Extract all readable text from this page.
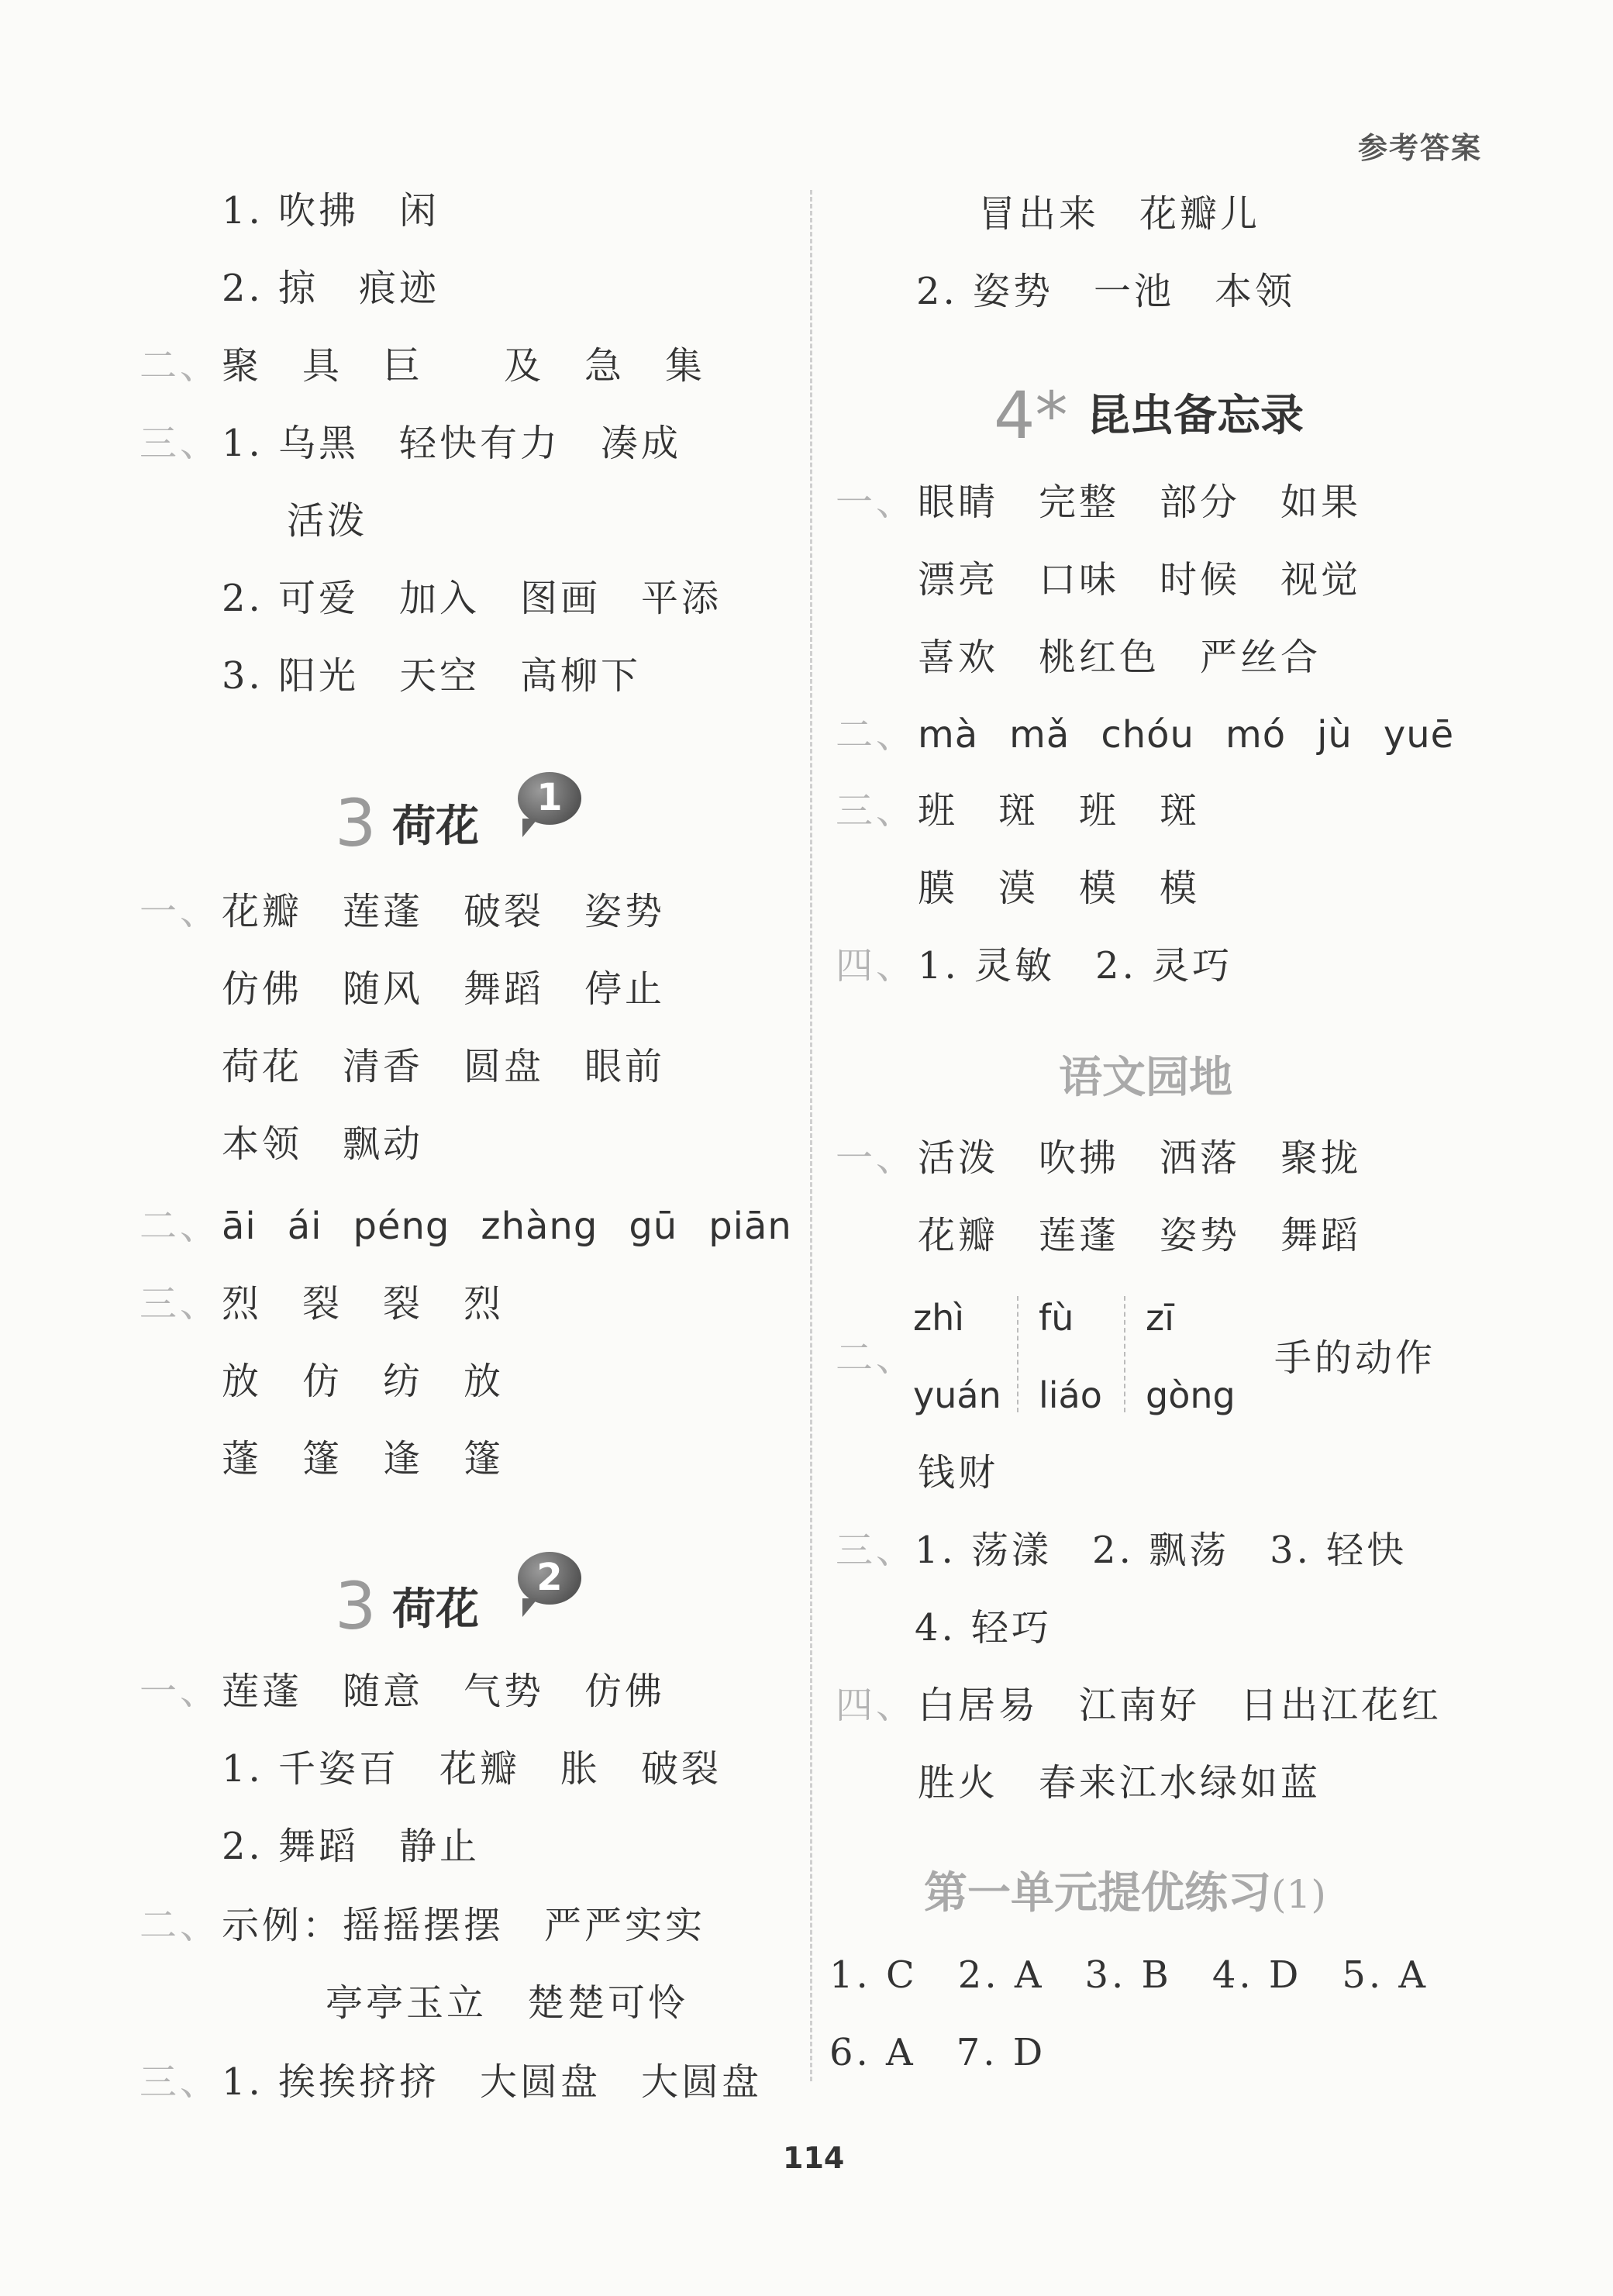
参考答案
1. 吹拂　闲
2. 掠　痕迹
二、 聚　具　巨　　及　急　集
三、 1. 乌黑　轻快有力　凑成
活泼
2. 可爱　加入　图画　平添
3. 阳光　天空　高柳下
3 荷花
1
一、 花瓣　莲蓬　破裂　姿势
仿佛　随风　舞蹈　停止
荷花　清香　圆盘　眼前
本领　飘动
二、 āi ái péng zhàng gū piān
三、 烈　裂　裂　烈
放　仿　纺　放
蓬　篷　逢　篷
3 荷花
2
一、 莲蓬　随意　气势　仿佛
1. 千姿百　花瓣　胀　破裂
2. 舞蹈　静止
二、 示例：摇摇摆摆　严严实实
亭亭玉立　楚楚可怜
三、 1. 挨挨挤挤　大圆盘　大圆盘
冒出来　花瓣儿
2. 姿势　一池　本领
4* 昆虫备忘录
一、 眼睛　完整　部分　如果
漂亮　口味　时候　视觉
喜欢　桃红色　严丝合
二、 mà mǎ chóu mó jù yuē
三、 班　斑　班　斑
膜　漠　模　模
四、 1. 灵敏　2. 灵巧
语文园地
一、 活泼　吹拂　洒落　聚拢
花瓣　莲蓬　姿势　舞蹈
二、
zhì fù zī
yuán liáo gòng
手的动作
钱财
三、
1. 荡漾　2. 飘荡　3. 轻快
4. 轻巧
四、 白居易　江南好　日出江花红
胜火　春来江水绿如蓝
第一单元提优练习(1)
1. C　2. A　3. B　4. D　5. A
6. A　7. D
114
